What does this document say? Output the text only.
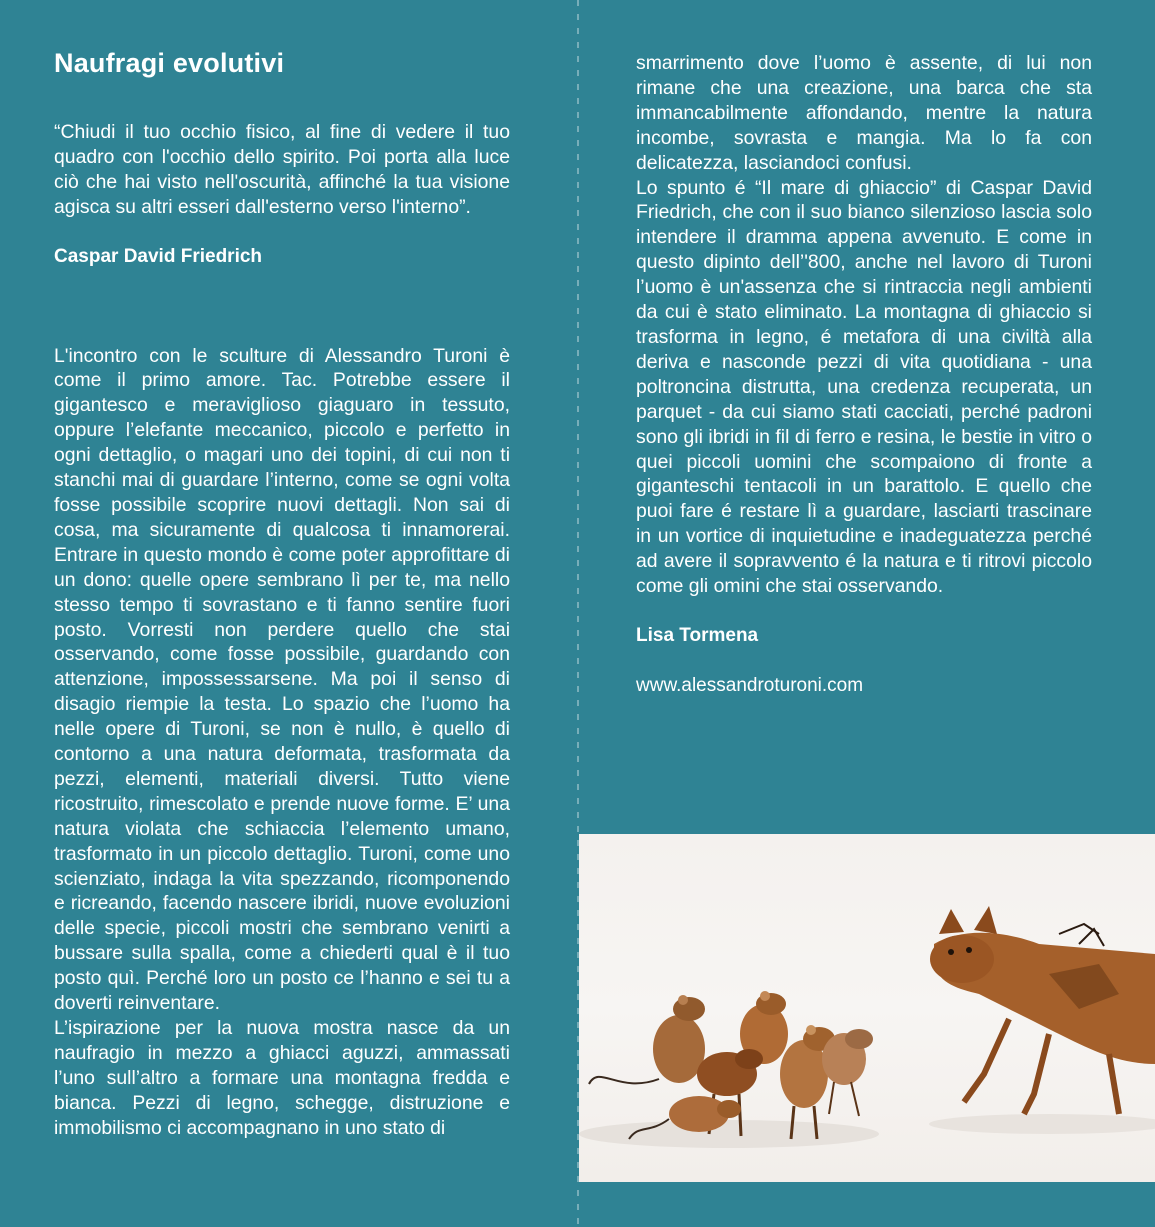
Naufragi evolutivi

“Chiudi il tuo occhio fisico, al fine di vedere il tuo quadro con l'occhio dello spirito. Poi porta alla luce ciò che hai visto nell'oscurità, affinché la tua visione agisca su altri esseri dall'esterno verso l'interno”.

Caspar David Friedrich

L'incontro con le sculture di Alessandro Turoni è come il primo amore. Tac. Potrebbe essere il gigantesco e meraviglioso giaguaro in tessuto, oppure l’elefante meccanico, piccolo e perfetto in ogni dettaglio, o magari uno dei topini, di cui non ti stanchi mai di guardare l’interno, come se ogni volta fosse possibile scoprire nuovi dettagli. Non sai di cosa, ma sicuramente di qualcosa ti innamorerai. Entrare in questo mondo è come poter approfittare di un dono: quelle opere sembrano lì per te, ma nello stesso tempo ti sovrastano e ti fanno sentire fuori posto. Vorresti non perdere quello che stai osservando, come fosse possibile, guardando con attenzione, impossessarsene. Ma poi il senso di disagio riempie la testa. Lo spazio che l’uomo ha nelle opere di Turoni, se non è nullo, è quello di contorno a una natura deformata, trasformata da pezzi, elementi, materiali diversi. Tutto viene ricostruito, rimescolato e prende nuove forme. E’ una natura violata che schiaccia l’elemento umano, trasformato in un piccolo dettaglio. Turoni, come uno scienziato, indaga la vita spezzando, ricomponendo e ricreando, facendo nascere ibridi, nuove evoluzioni delle specie, piccoli mostri che sembrano venirti a bussare sulla spalla, come a chiederti qual è il tuo posto quì. Perché loro un posto ce l’hanno e sei tu a doverti reinventare.

L’ispirazione per la nuova mostra nasce da un naufragio in mezzo a ghiacci aguzzi, ammassati l’uno sull’altro a formare una montagna fredda e bianca. Pezzi di legno, schegge, distruzione e immobilismo ci accompagnano in uno stato di

smarrimento dove l’uomo è assente, di lui non rimane che una creazione, una barca che sta immancabilmente affondando, mentre la natura incombe, sovrasta e mangia. Ma lo fa con delicatezza, lasciandoci confusi.

Lo spunto é “Il mare di ghiaccio” di Caspar David Friedrich, che con il suo bianco silenzioso lascia solo intendere il dramma appena avvenuto. E come in questo dipinto dell’'800, anche nel lavoro di Turoni l’uomo è un'assenza che si rintraccia negli ambienti da cui è stato eliminato. La montagna di ghiaccio si trasforma in legno, é metafora di una civiltà alla deriva e nasconde pezzi di vita quotidiana - una poltroncina distrutta, una credenza recuperata, un parquet - da cui siamo stati cacciati, perché padroni sono gli ibridi in fil di ferro e resina, le bestie in vitro o quei piccoli uomini che scompaiono di fronte a giganteschi tentacoli in un barattolo. E quello che puoi fare é restare lì a guardare, lasciarti trascinare in un vortice di inquietudine e inadeguatezza perché ad avere il sopravvento é la natura e ti ritrovi piccolo come gli omini che stai osservando.

Lisa Tormena
www.alessandroturoni.com
